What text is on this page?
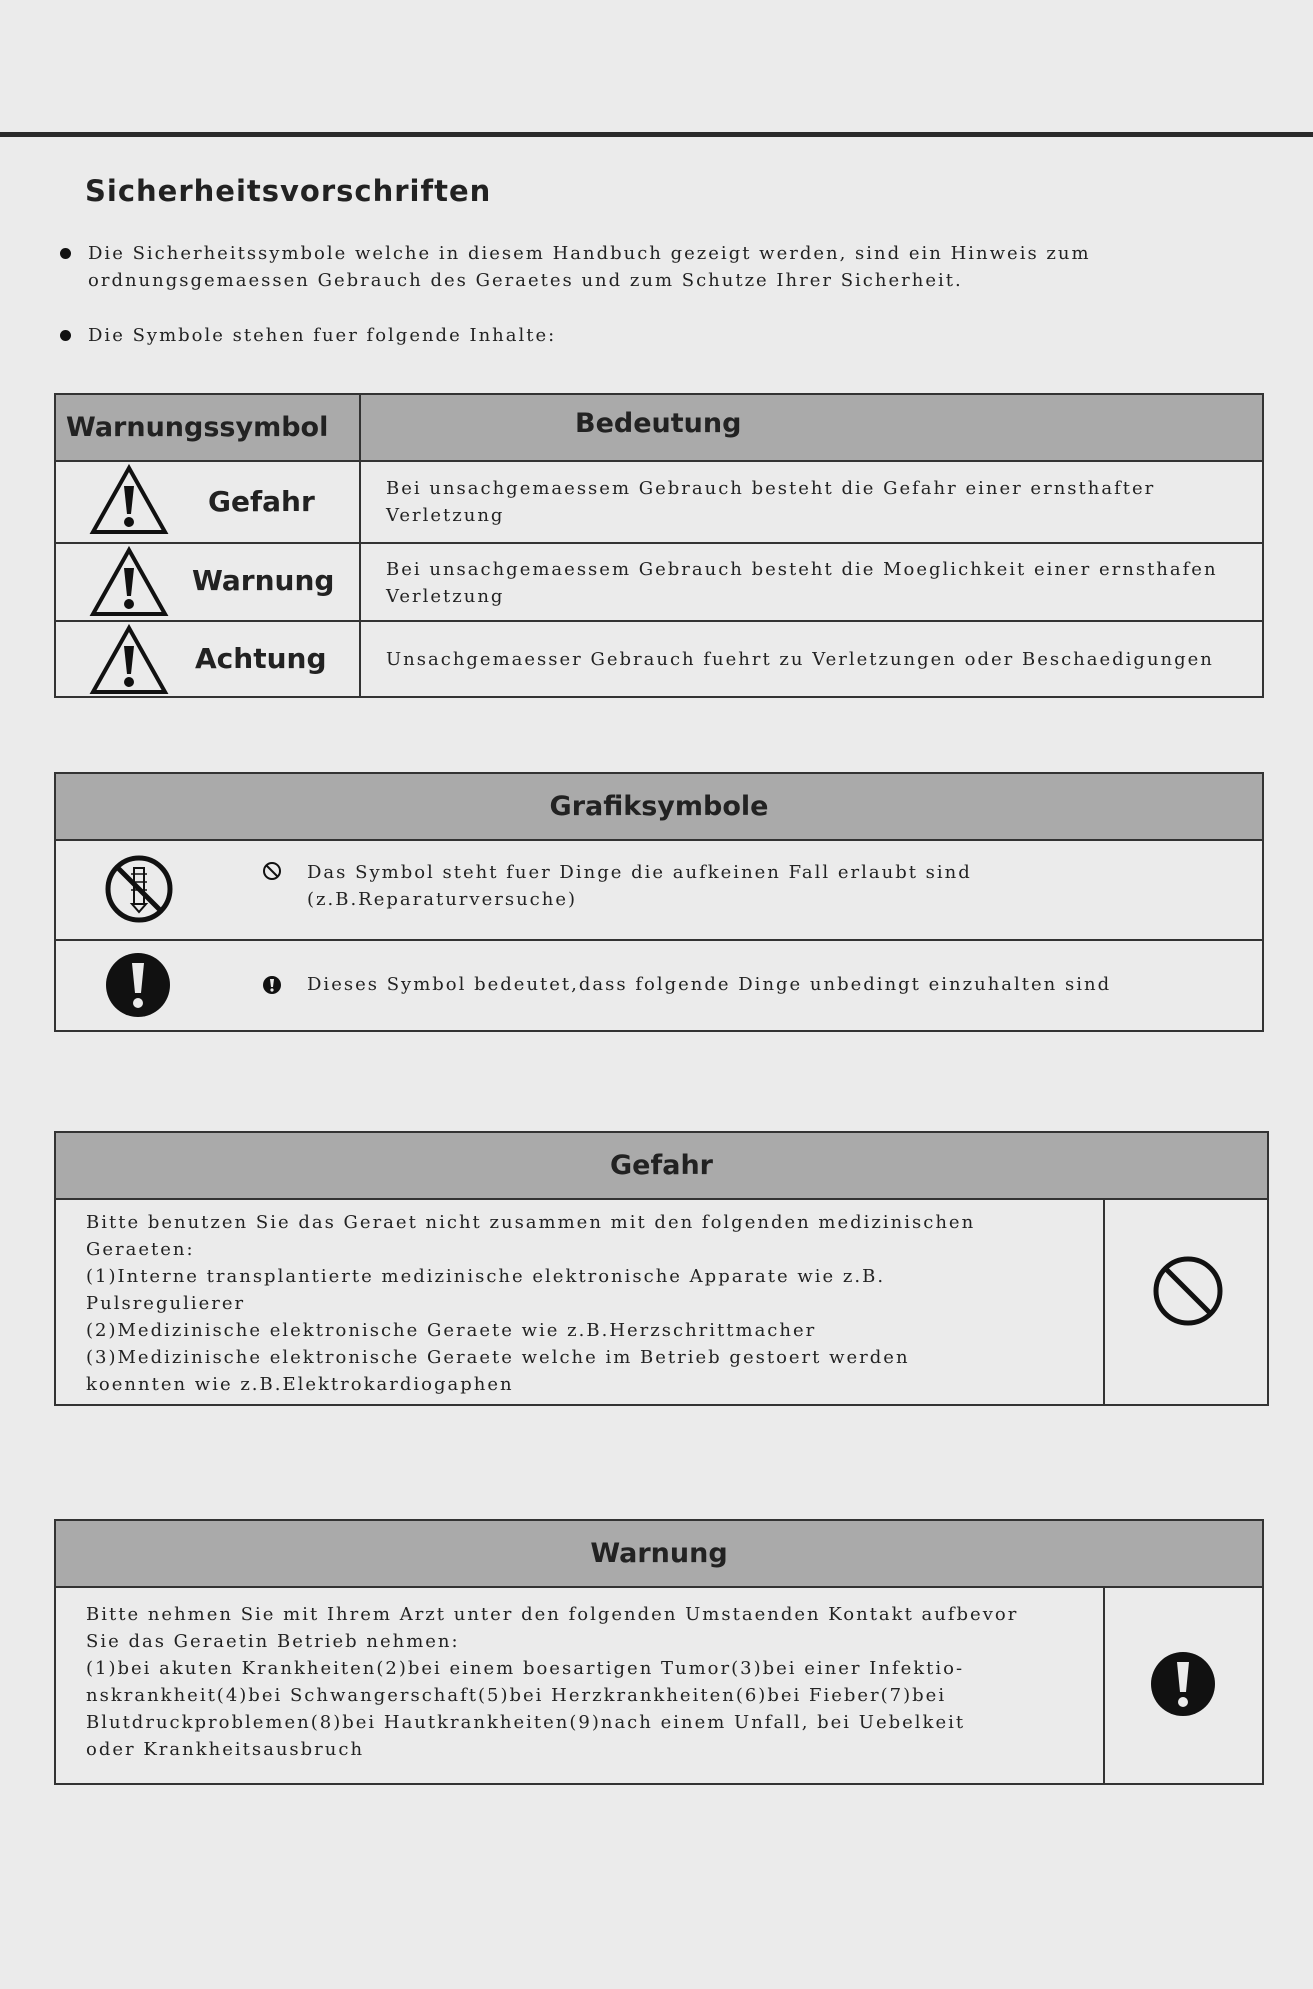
Sicherheitsvorschriften
Die Sicherheitssymbole welche in diesem Handbuch gezeigt werden, sind ein Hinweis zum ordnungsgemaessen Gebrauch des Geraetes und zum Schutze Ihrer Sicherheit.
Die Symbole stehen fuer folgende Inhalte:
Warnungssymbol	Bedeutung
Gefahr	Bei unsachgemaessem Gebrauch besteht die Gefahr einer ernsthafter Verletzung
Warnung	Bei unsachgemaessem Gebrauch besteht die Moeglichkeit einer ernsthafen Verletzung
Achtung	Unsachgemaesser Gebrauch fuehrt zu Verletzungen oder Beschaedigungen
Grafiksymbole
Das Symbol steht fuer Dinge die aufkeinen Fall erlaubt sind
(z.B.Reparaturversuche)
Dieses Symbol bedeutet,dass folgende Dinge unbedingt einzuhalten sind
Gefahr
Bitte benutzen Sie das Geraet nicht zusammen mit den folgenden medizinischen
Geraeten:
(1)Interne transplantierte medizinische elektronische Apparate wie z.B.
Pulsregulierer
(2)Medizinische elektronische Geraete wie z.B.Herzschrittmacher
(3)Medizinische elektronische Geraete welche im Betrieb gestoert werden
koennten wie z.B.Elektrokardiogaphen
Warnung
Bitte nehmen Sie mit Ihrem Arzt unter den folgenden Umstaenden Kontakt aufbevor
Sie das Geraetin Betrieb nehmen:
(1)bei akuten Krankheiten(2)bei einem boesartigen Tumor(3)bei einer Infektio-
nskrankheit(4)bei Schwangerschaft(5)bei Herzkrankheiten(6)bei Fieber(7)bei
Blutdruckproblemen(8)bei Hautkrankheiten(9)nach einem Unfall, bei Uebelkeit
oder Krankheitsausbruch
